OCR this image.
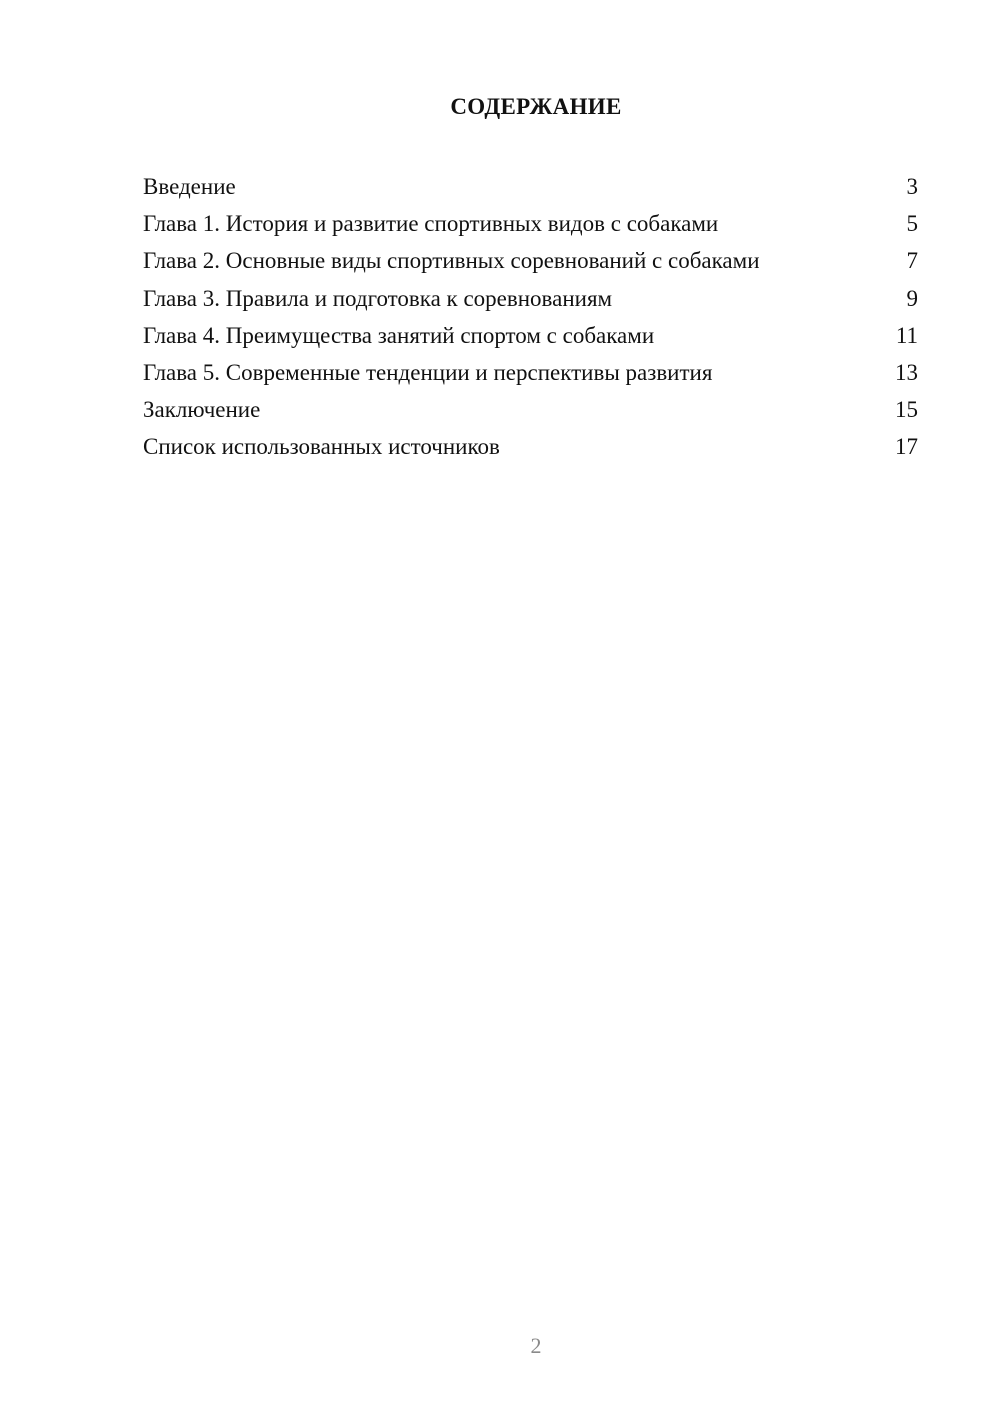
СОДЕРЖАНИЕ
Введение	3
Глава 1. История и развитие спортивных видов с собаками	5
Глава 2. Основные виды спортивных соревнований с собаками	7
Глава 3. Правила и подготовка к соревнованиям	9
Глава 4. Преимущества занятий спортом с собаками	11
Глава 5. Современные тенденции и перспективы развития	13
Заключение	15
Список использованных источников	17
2
